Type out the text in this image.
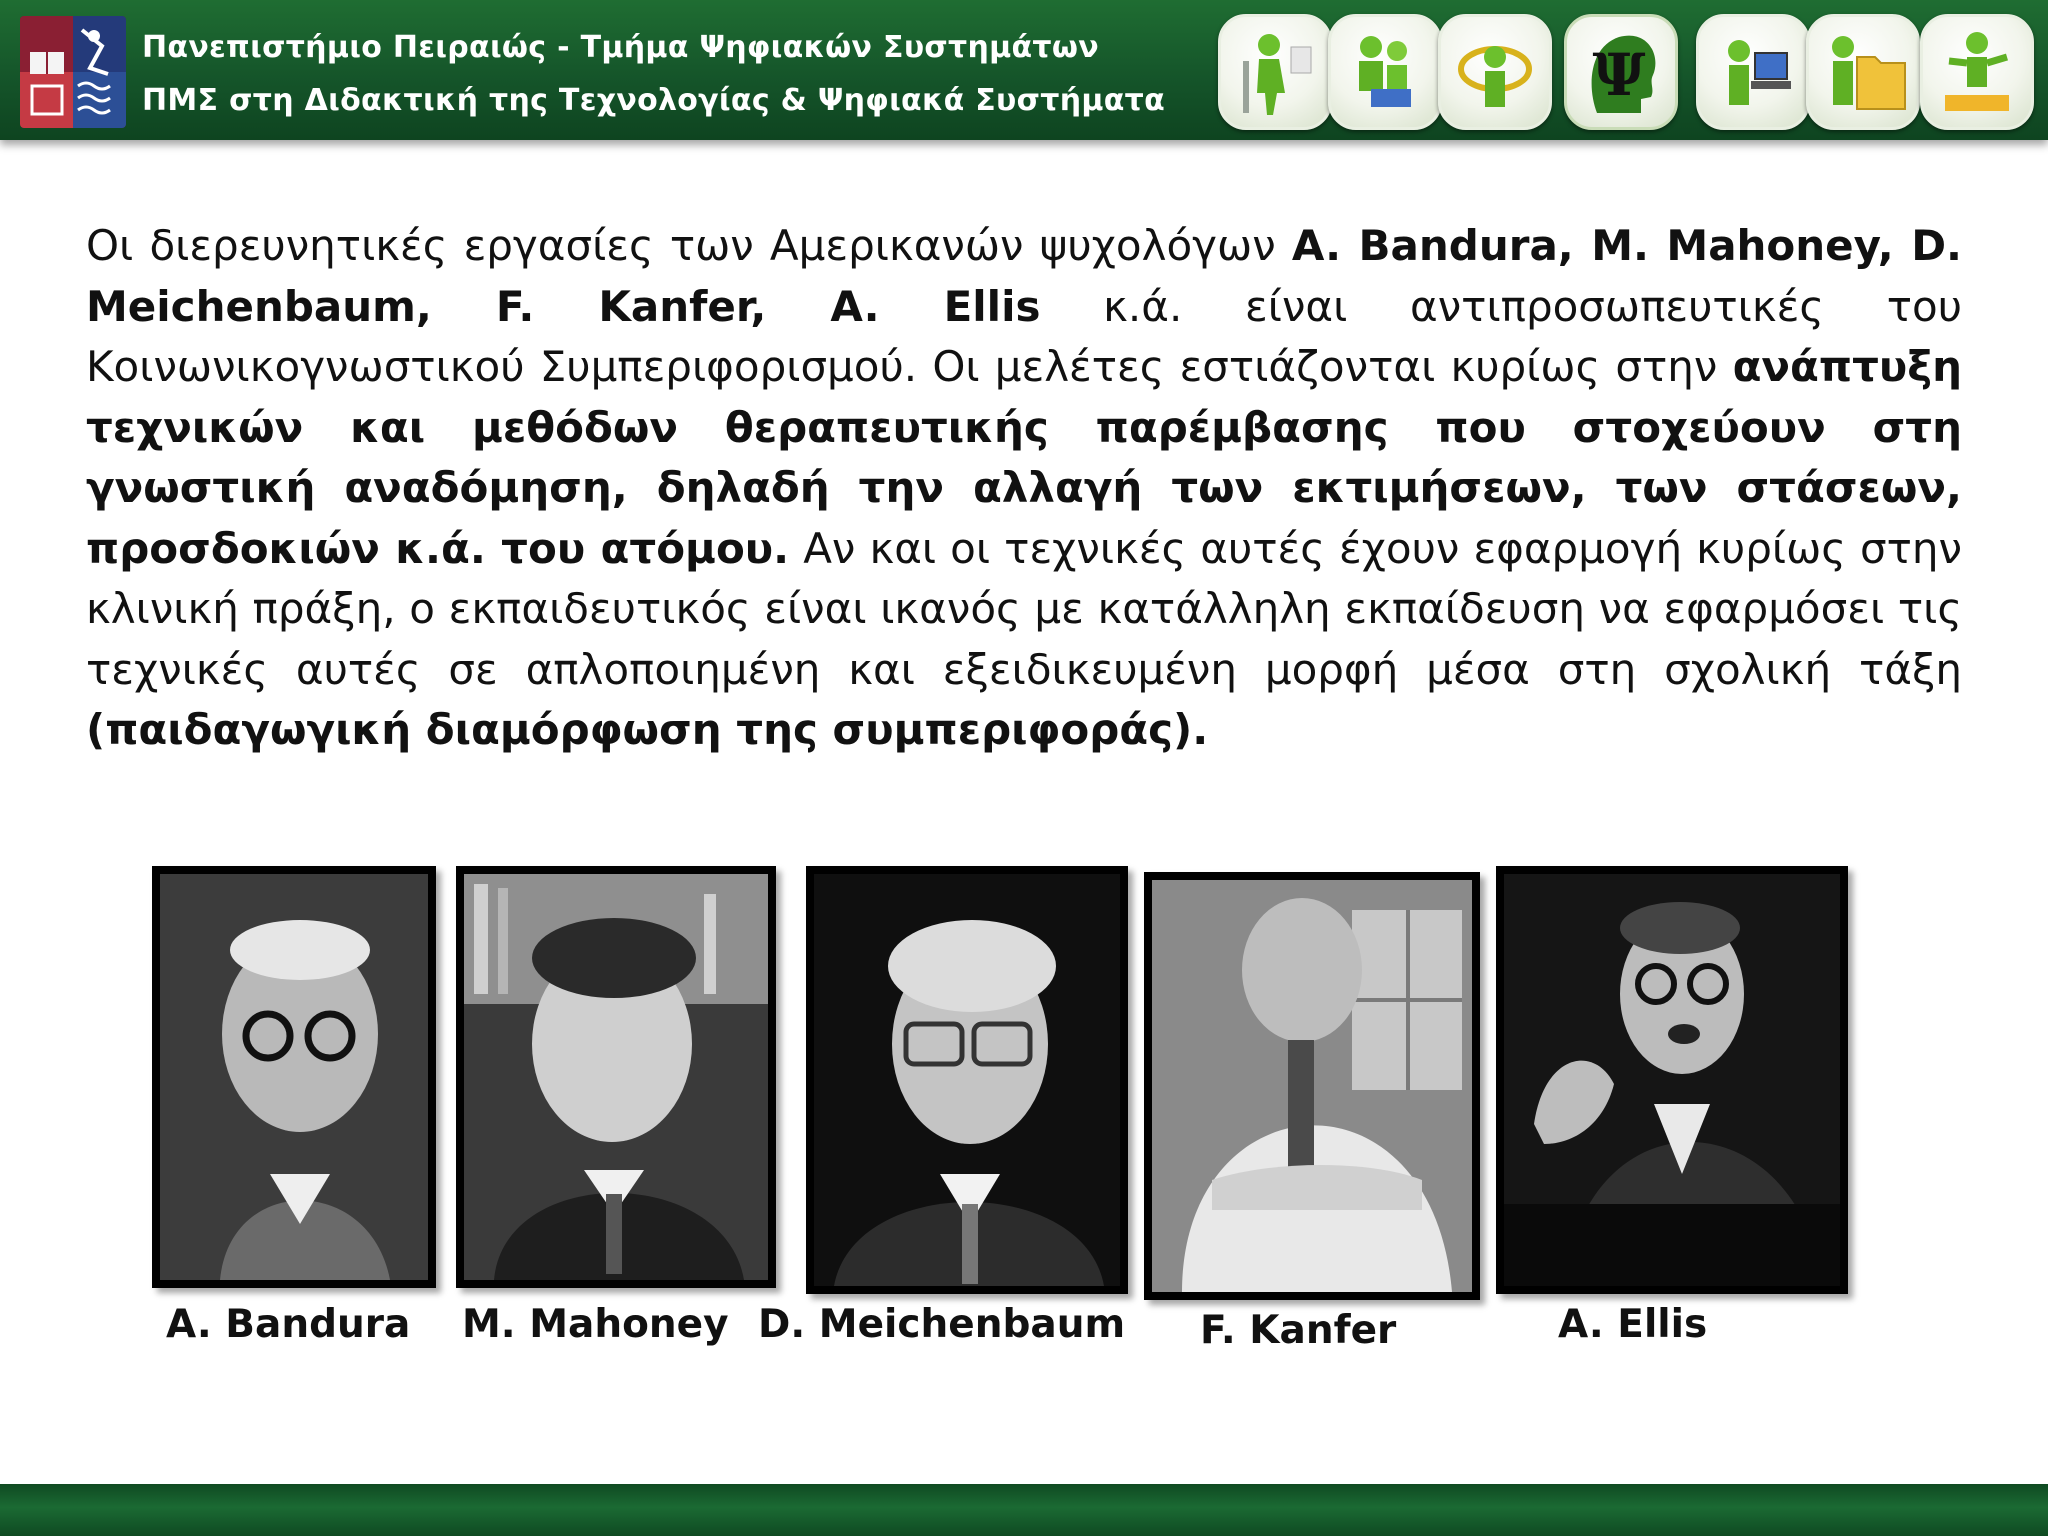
Πανεπιστήμιο Πειραιώς - Τμήμα Ψηφιακών Συστημάτων
ΠΜΣ στη Διδακτική της Τεχνολογίας & Ψηφιακά Συστήματα	Ψ
Οι διερευνητικές εργασίες των Αμερικανών ψυχολόγων A. Bandura, M. Mahoney, D. Meichenbaum, F. Kanfer, A. Ellis κ.ά. είναι αντιπροσωπευτικές του Κοινωνικογνωστικού Συμπεριφορισμού. Οι μελέτες εστιάζονται κυρίως στην ανάπτυξη τεχνικών και μεθόδων θεραπευτικής παρέμβασης που στοχεύουν στη γνωστική αναδόμηση, δηλαδή την αλλαγή των εκτιμήσεων, των στάσεων, προσδοκιών κ.ά. του ατόμου. Αν και οι τεχνικές αυτές έχουν εφαρμογή κυρίως στην κλινική πράξη, ο εκπαιδευτικός είναι ικανός με κατάλληλη εκπαίδευση να εφαρμόσει τις τεχνικές αυτές σε απλοποιημένη και εξειδικευμένη μορφή μέσα στη σχολική τάξη (παιδαγωγική διαμόρφωση της συμπεριφοράς).
A. Bandura M. Mahoney D. Meichenbaum F. Kanfer	A. Ellis
